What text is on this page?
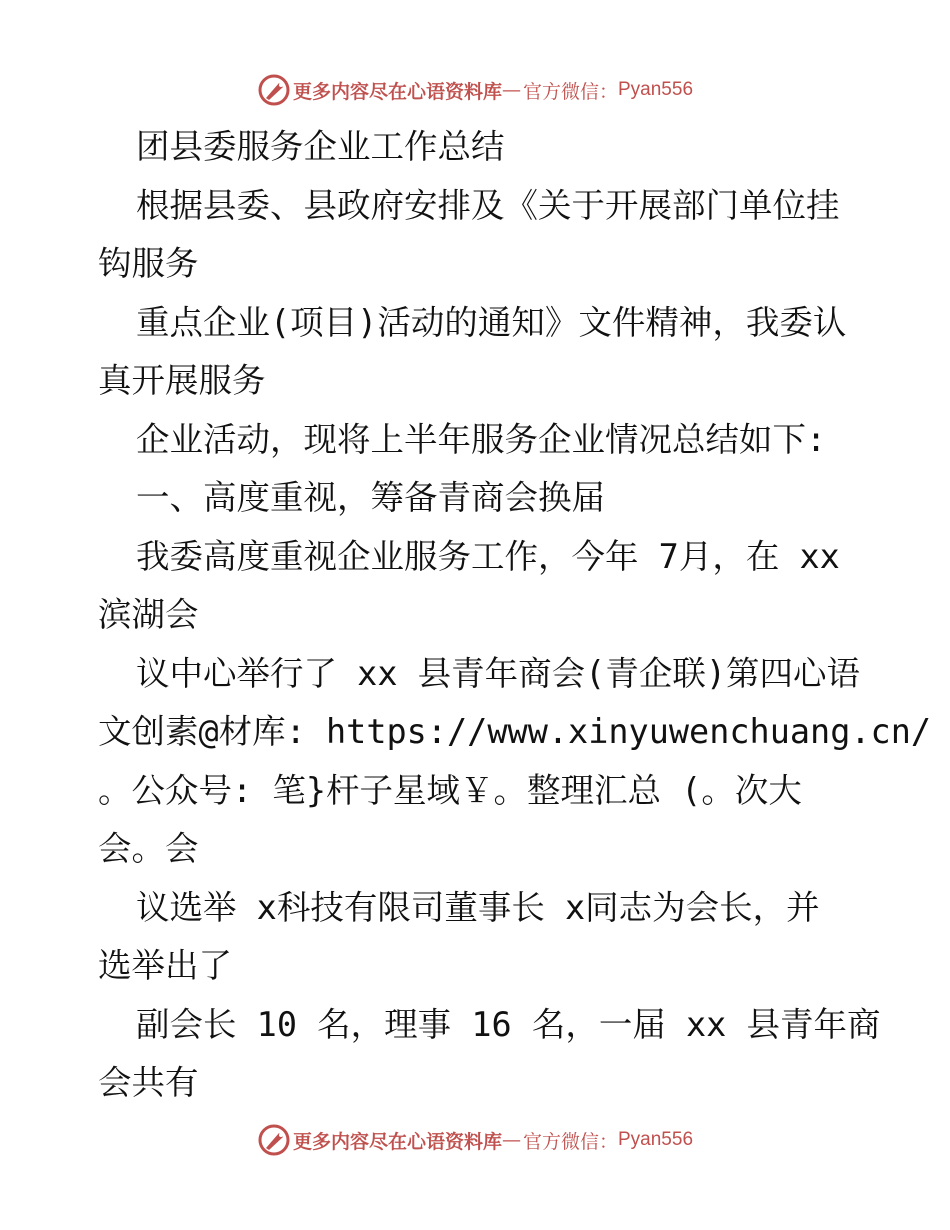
更多内容尽在心语资料库 — 官方微信： Pyan556
团县委服务企业工作总结
根据县委、县政府安排及《关于开展部门单位挂
钩服务
重点企业(项目)活动的通知》文件精神，我委认
真开展服务
企业活动，现将上半年服务企业情况总结如下:
一、高度重视，筹备青商会换届
我委高度重视企业服务工作，今年 7月，在 xx
滨湖会
议中心举行了 xx 县青年商会(青企联)第四心语
文创素@材库: https://www.xinyuwenchuang.cn/
。公众号: 笔}杆子星域￥。整理汇总 (。次大
会。会
议选举 x科技有限司董事长 x同志为会长，并
选举出了
副会长 10 名，理事 16 名，一届 xx 县青年商
会共有
更多内容尽在心语资料库 — 官方微信： Pyan556
